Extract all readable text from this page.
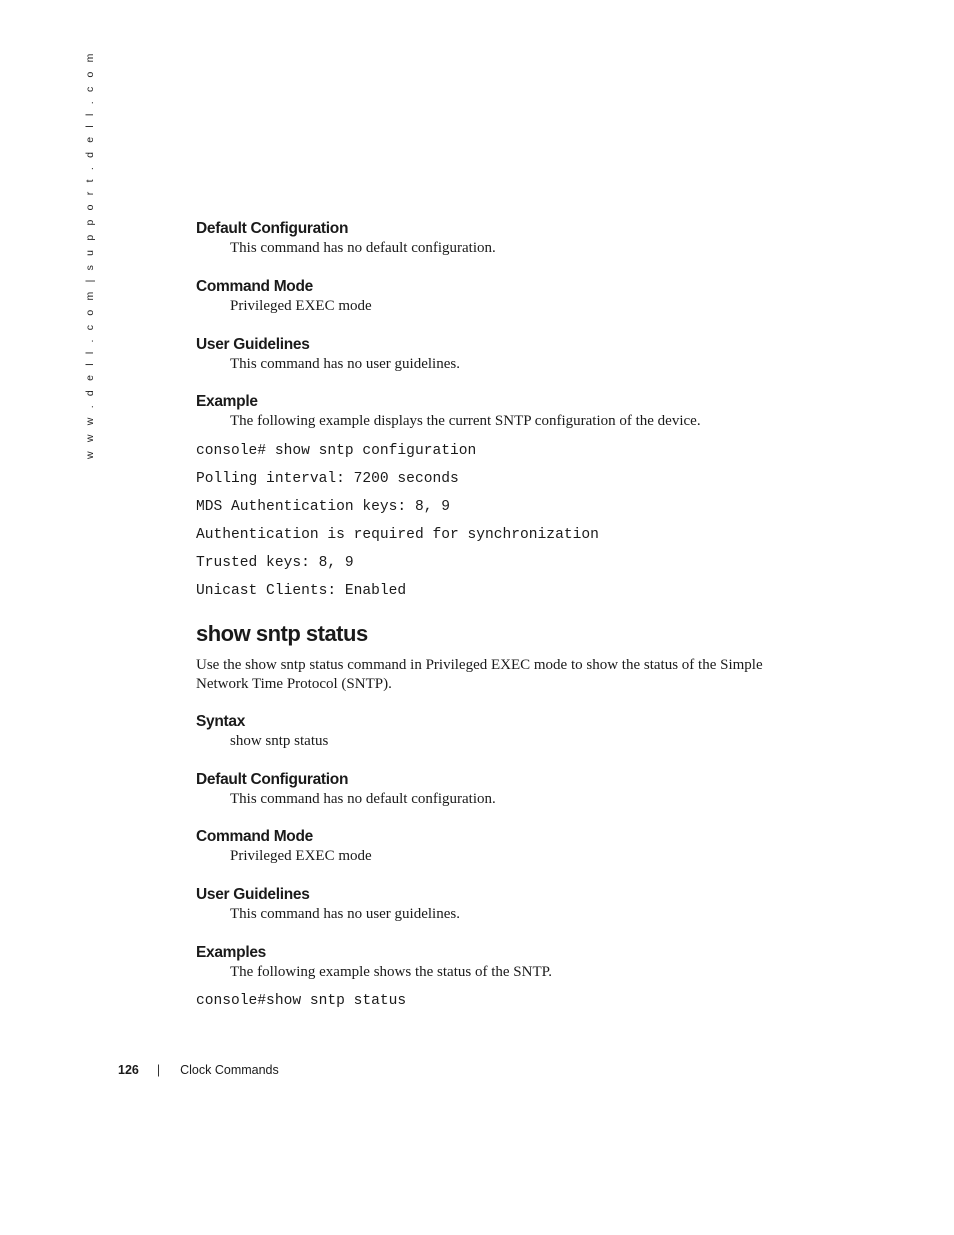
w w w . d e l l . c o m | s u p p o r t . d e l l . c o m	Default Configuration

This command has no default configuration.

Command Mode

Privileged EXEC mode

User Guidelines

This command has no user guidelines.

Example

The following example displays the current SNTP configuration of the device.

console# show sntp configuration

Polling interval: 7200 seconds

MDS Authentication keys: 8, 9

Authentication is required for synchronization

Trusted keys: 8, 9

Unicast Clients: Enabled

show sntp status

Use the show sntp status command in Privileged EXEC mode to show the status of the Simple

Network Time Protocol (SNTP).

Syntax

show sntp status

Default Configuration

This command has no default configuration.

Command Mode

Privileged EXEC mode

User Guidelines

This command has no user guidelines.

Examples

The following example shows the status of the SNTP.

console#show sntp status

126 | Clock Commands
